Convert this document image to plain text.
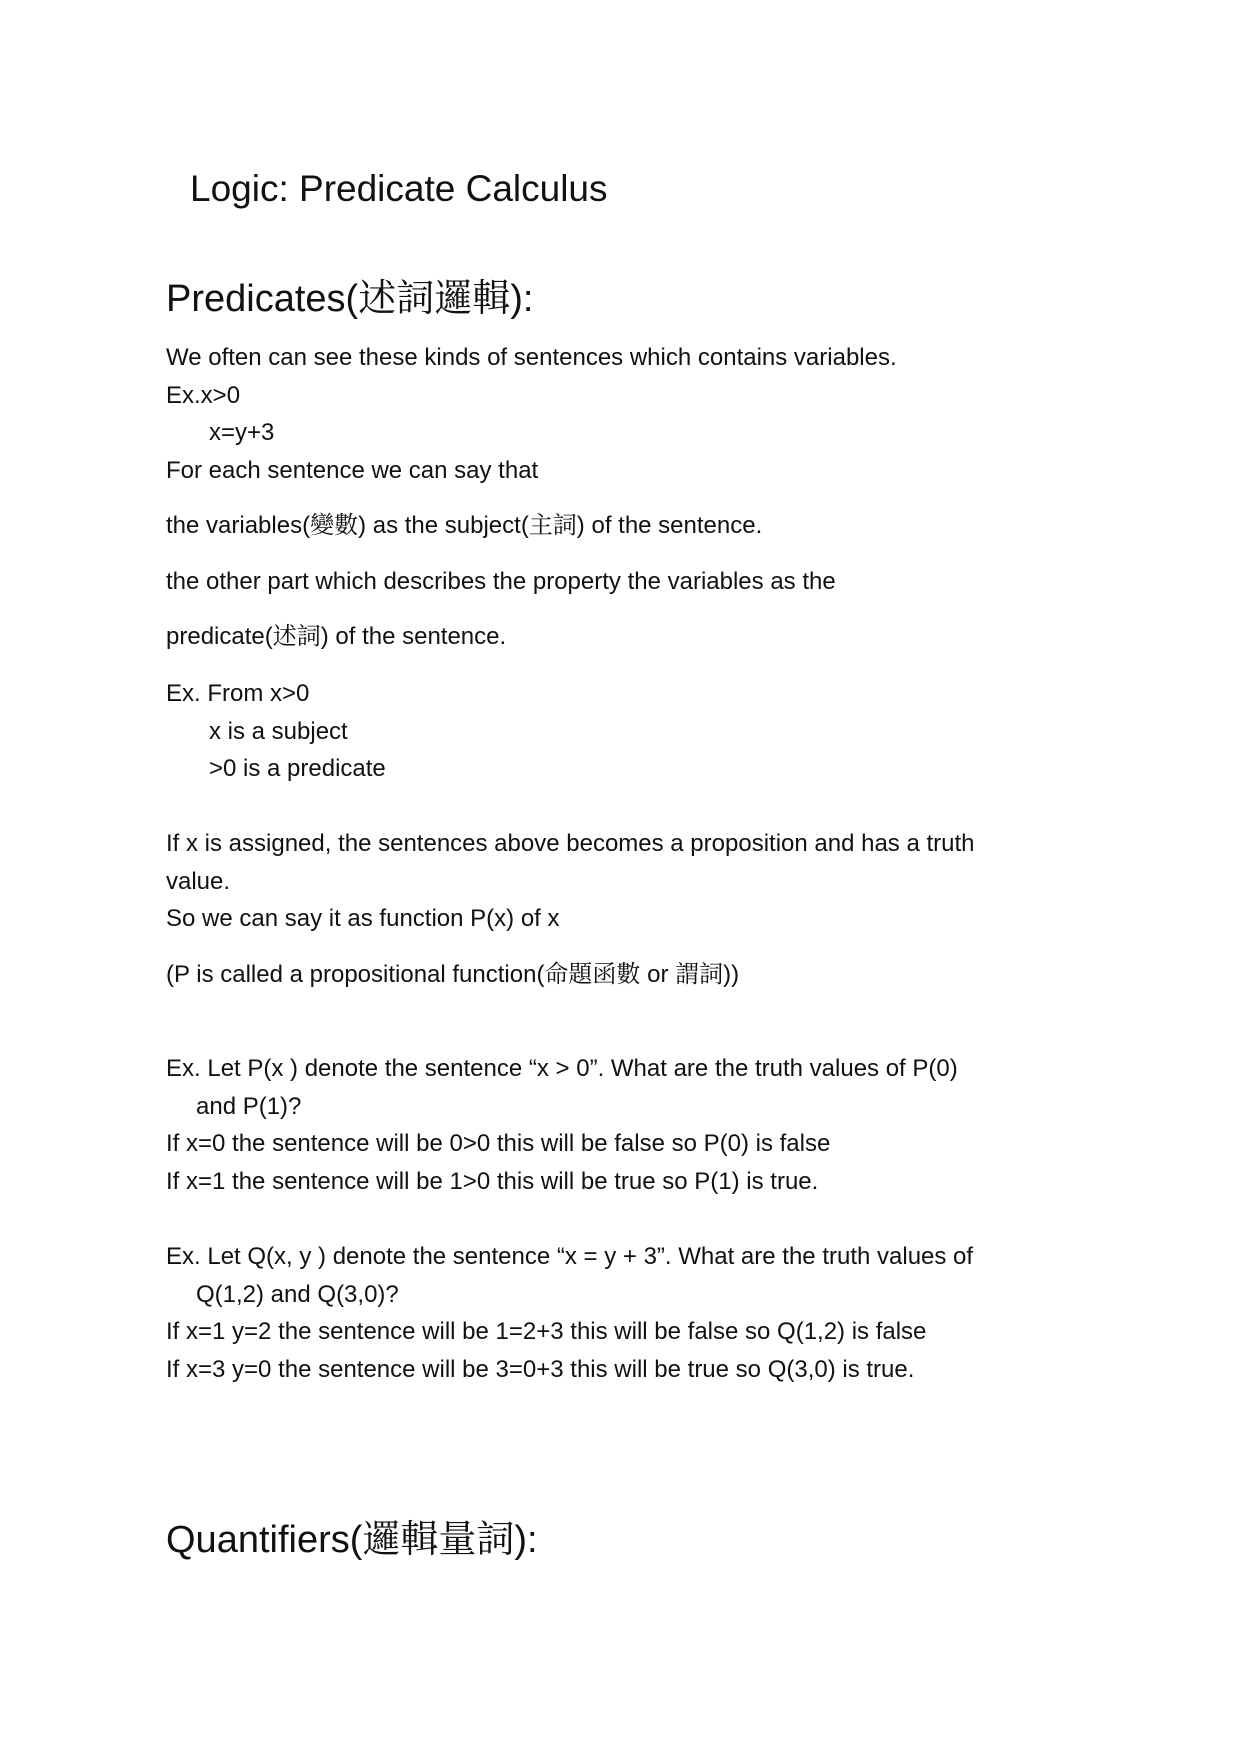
Logic: Predicate Calculus
Predicates(述詞邏輯):
We often can see these kinds of sentences which contains variables.
Ex.x>0
x=y+3
For each sentence we can say that
the variables(變數) as the subject(主詞) of the sentence.
the other part which describes the property the variables as the
predicate(述詞) of the sentence.
Ex. From x>0
x is a subject
>0 is a predicate
If x is assigned, the sentences above becomes a proposition and has a truth
value.
So we can say it as function P(x) of x
(P is called a propositional function(命題函數 or 謂詞))
Ex. Let P(x ) denote the sentence “x > 0”. What are the truth values of P(0)
and P(1)?
If x=0 the sentence will be 0>0 this will be false so P(0) is false
If x=1 the sentence will be 1>0 this will be true so P(1) is true.
Ex. Let Q(x, y ) denote the sentence “x = y + 3”. What are the truth values of
Q(1,2) and Q(3,0)?
If x=1 y=2 the sentence will be 1=2+3 this will be false so Q(1,2) is false
If x=3 y=0 the sentence will be 3=0+3 this will be true so Q(3,0) is true.
Quantifiers(邏輯量詞):
